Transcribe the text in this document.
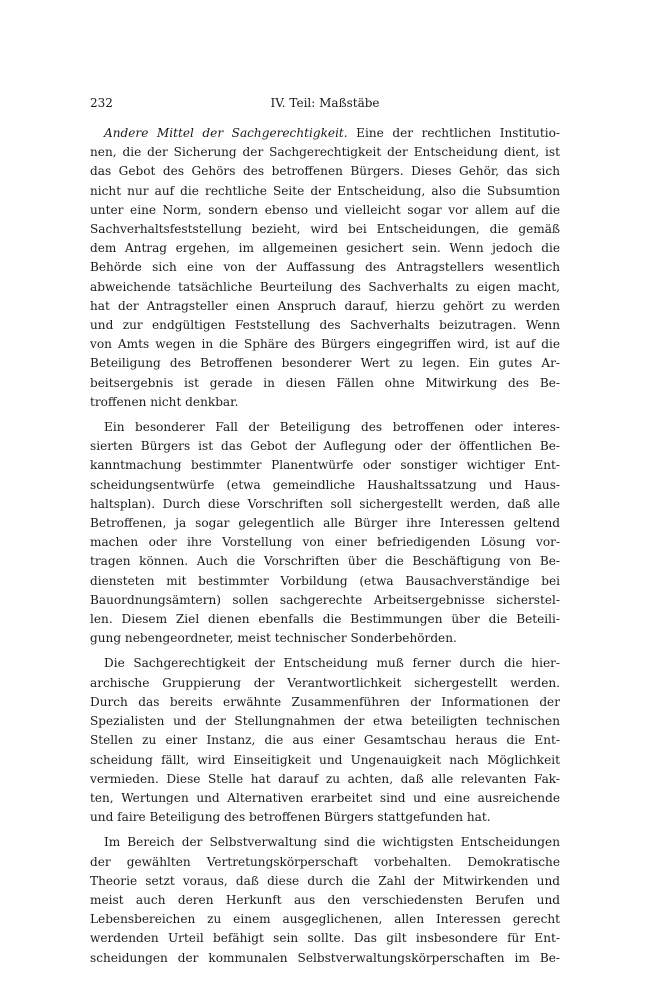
232	IV. Teil: Maßstäbe

Andere Mittel der Sachgerechtigkeit. Eine der rechtlichen Institutio-
nen, die der Sicherung der Sachgerechtigkeit der Entscheidung dient, ist
das Gebot des Gehörs des betroffenen Bürgers. Dieses Gehör, das sich
nicht nur auf die rechtliche Seite der Entscheidung, also die Subsumtion
unter eine Norm, sondern ebenso und vielleicht sogar vor allem auf die
Sachverhaltsfeststellung bezieht, wird bei Entscheidungen, die gemäß
dem Antrag ergehen, im allgemeinen gesichert sein. Wenn jedoch die
Behörde sich eine von der Auffassung des Antragstellers wesentlich
abweichende tatsächliche Beurteilung des Sachverhalts zu eigen macht,
hat der Antragsteller einen Anspruch darauf, hierzu gehört zu werden
und zur endgültigen Feststellung des Sachverhalts beizutragen. Wenn
von Amts wegen in die Sphäre des Bürgers eingegriffen wird, ist auf die
Beteiligung des Betroffenen besonderer Wert zu legen. Ein gutes Ar-
beitsergebnis ist gerade in diesen Fällen ohne Mitwirkung des Be-
troffenen nicht denkbar.

Ein besonderer Fall der Beteiligung des betroffenen oder interes-
sierten Bürgers ist das Gebot der Auflegung oder der öffentlichen Be-
kanntmachung bestimmter Planentwürfe oder sonstiger wichtiger Ent-
scheidungsentwürfe (etwa gemeindliche Haushaltssatzung und Haus-
haltsplan). Durch diese Vorschriften soll sichergestellt werden, daß alle
Betroffenen, ja sogar gelegentlich alle Bürger ihre Interessen geltend
machen oder ihre Vorstellung von einer befriedigenden Lösung vor-
tragen können. Auch die Vorschriften über die Beschäftigung von Be-
diensteten mit bestimmter Vorbildung (etwa Bausachverständige bei
Bauordnungsämtern) sollen sachgerechte Arbeitsergebnisse sicherstel-
len. Diesem Ziel dienen ebenfalls die Bestimmungen über die Beteili-
gung nebengeordneter, meist technischer Sonderbehörden.

Die Sachgerechtigkeit der Entscheidung muß ferner durch die hier-
archische Gruppierung der Verantwortlichkeit sichergestellt werden.
Durch das bereits erwähnte Zusammenführen der Informationen der
Spezialisten und der Stellungnahmen der etwa beteiligten technischen
Stellen zu einer Instanz, die aus einer Gesamtschau heraus die Ent-
scheidung fällt, wird Einseitigkeit und Ungenauigkeit nach Möglichkeit
vermieden. Diese Stelle hat darauf zu achten, daß alle relevanten Fak-
ten, Wertungen und Alternativen erarbeitet sind und eine ausreichende
und faire Beteiligung des betroffenen Bürgers stattgefunden hat.

Im Bereich der Selbstverwaltung sind die wichtigsten Entscheidungen
der gewählten Vertretungskörperschaft vorbehalten. Demokratische
Theorie setzt voraus, daß diese durch die Zahl der Mitwirkenden und
meist auch deren Herkunft aus den verschiedensten Berufen und
Lebensbereichen zu einem ausgeglichenen, allen Interessen gerecht
werdenden Urteil befähigt sein sollte. Das gilt insbesondere für Ent-
scheidungen der kommunalen Selbstverwaltungskörperschaften im Be-
